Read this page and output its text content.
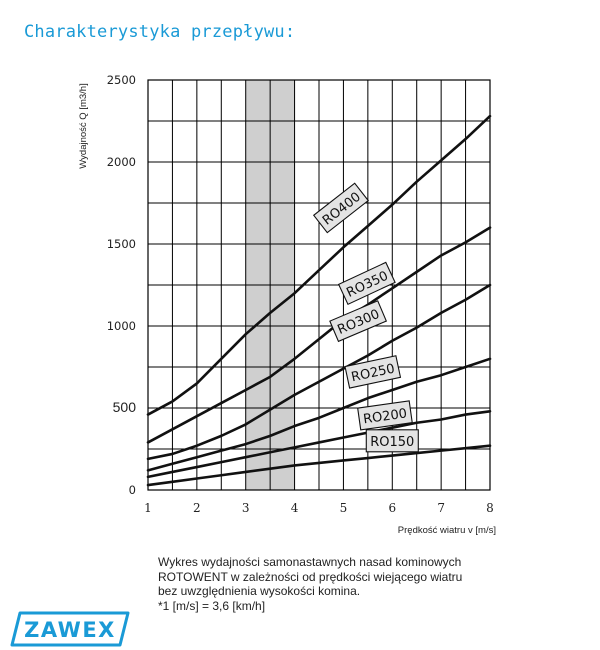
Charakterystyka przepływu:
1	2	3	4	5	6	7	8
0
500
1000
1500
2000
2500
RO400
RO350
RO300
RO250
RO200
RO150
Wydajność Q [m3/h]
Prędkość wiatru v [m/s]
Wykres wydajności samonastawnych nasad kominowych
ROTOWENT w zależności od prędkości wiejącego wiatru
bez uwzględnienia wysokości komina.
*1 [m/s] = 3,6 [km/h]
ZAWEX
